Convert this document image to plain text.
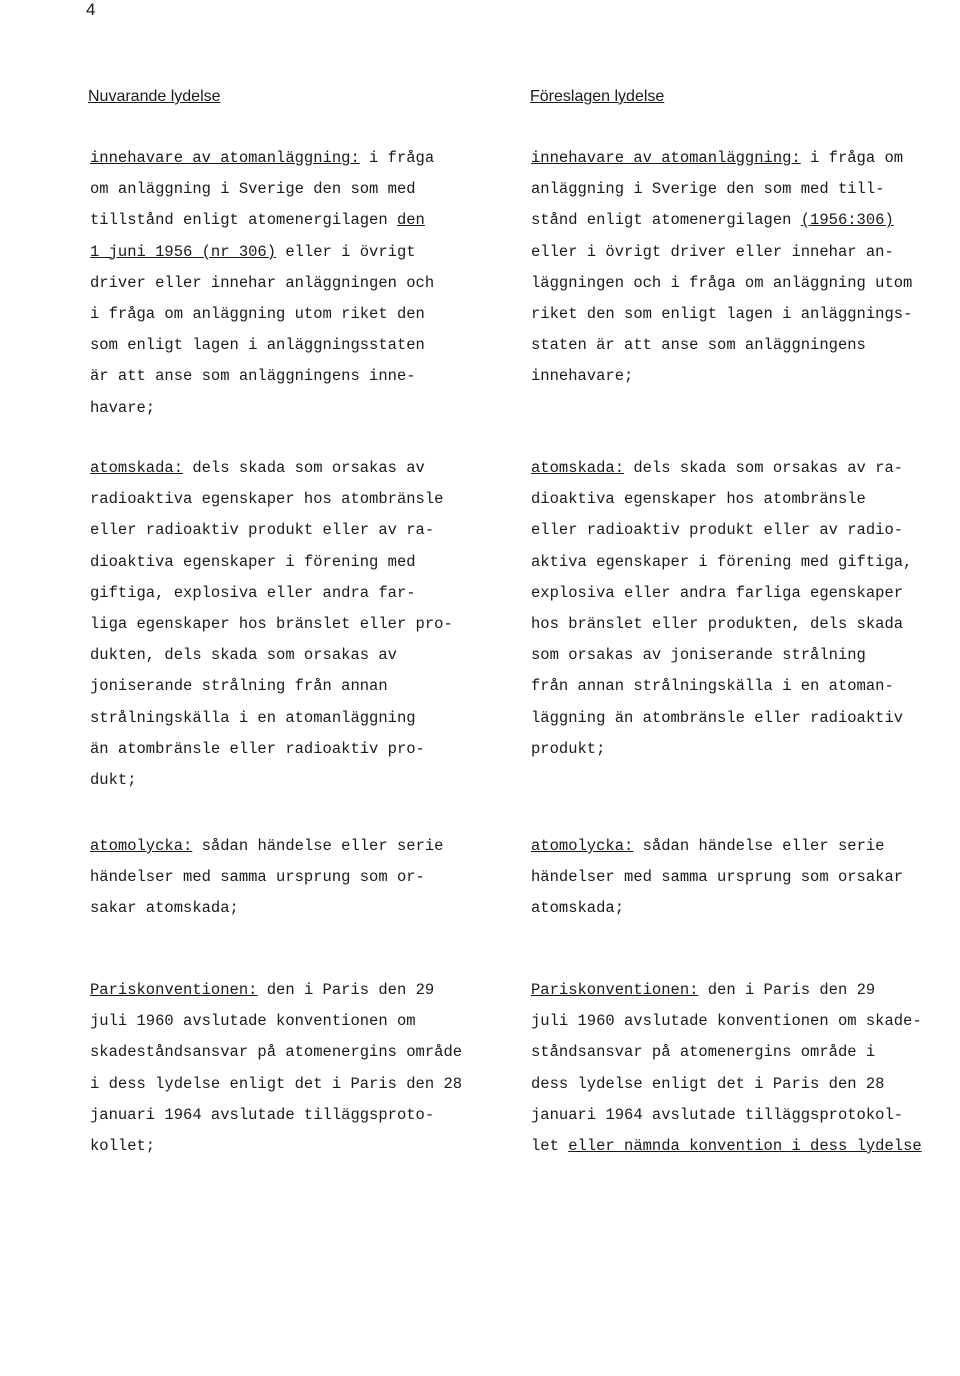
4
Nuvarande lydelse	Föreslagen lydelse
innehavare av atomanläggning: i fråga
om anläggning i Sverige den som med
tillstånd enligt atomenergilagen den
1 juni 1956 (nr 306) eller i övrigt
driver eller innehar anläggningen och
i fråga om anläggning utom riket den
som enligt lagen i anläggningsstaten
är att anse som anläggningens inne-
havare;
innehavare av atomanläggning: i fråga om
anläggning i Sverige den som med till-
stånd enligt atomenergilagen (1956:306)
eller i övrigt driver eller innehar an-
läggningen och i fråga om anläggning utom
riket den som enligt lagen i anläggnings-
staten är att anse som anläggningens
innehavare;
atomskada: dels skada som orsakas av
radioaktiva egenskaper hos atombränsle
eller radioaktiv produkt eller av ra-
dioaktiva egenskaper i förening med
giftiga, explosiva eller andra far-
liga egenskaper hos bränslet eller pro-
dukten, dels skada som orsakas av
joniserande strålning från annan
strålningskälla i en atomanläggning
än atombränsle eller radioaktiv pro-
dukt;
atomskada: dels skada som orsakas av ra-
dioaktiva egenskaper hos atombränsle
eller radioaktiv produkt eller av radio-
aktiva egenskaper i förening med giftiga,
explosiva eller andra farliga egenskaper
hos bränslet eller produkten, dels skada
som orsakas av joniserande strålning
från annan strålningskälla i en atoman-
läggning än atombränsle eller radioaktiv
produkt;
atomolycka: sådan händelse eller serie
händelser med samma ursprung som or-
sakar atomskada;
atomolycka: sådan händelse eller serie
händelser med samma ursprung som orsakar
atomskada;
Pariskonventionen: den i Paris den 29
juli 1960 avslutade konventionen om
skadeståndsansvar på atomenergins område
i dess lydelse enligt det i Paris den 28
januari 1964 avslutade tilläggsproto-
kollet;
Pariskonventionen: den i Paris den 29
juli 1960 avslutade konventionen om skade-
ståndsansvar på atomenergins område i
dess lydelse enligt det i Paris den 28
januari 1964 avslutade tilläggsprotokol-
let eller nämnda konvention i dess lydelse
